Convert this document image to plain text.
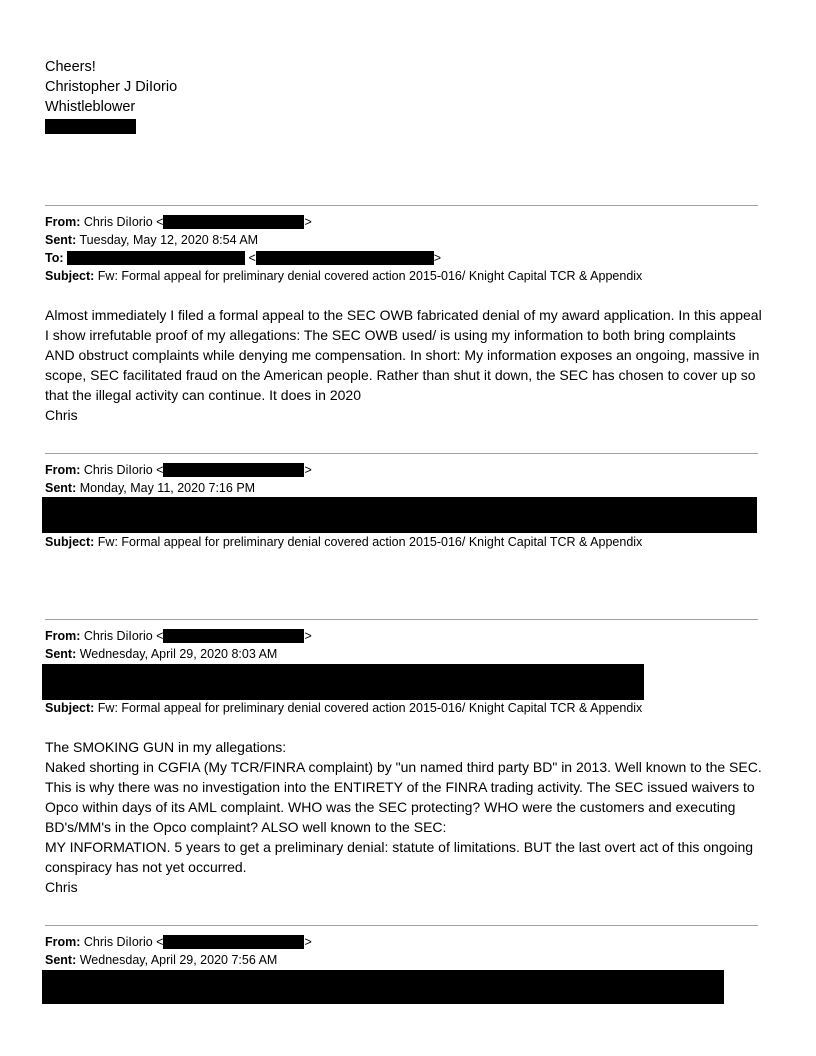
Cheers!
Christopher J DiIorio
Whistleblower
From: Chris DiIorio <	>
Sent: Tuesday, May 12, 2020 8:54 AM
To:	<	>
Subject: Fw: Formal appeal for preliminary denial covered action 2015-016/ Knight Capital TCR & Appendix

Almost immediately I filed a formal appeal to the SEC OWB fabricated denial of my award application. In this appeal I show irrefutable proof of my allegations: The SEC OWB used/ is using my information to both bring complaints AND obstruct complaints while denying me compensation. In short: My information exposes an ongoing, massive in scope, SEC facilitated fraud on the American people. Rather than shut it down, the SEC has chosen to cover up so that the illegal activity can continue. It does in 2020

Chris

From: Chris DiIorio <	>
Sent: Monday, May 11, 2020 7:16 PM
Subject: Fw: Formal appeal for preliminary denial covered action 2015-016/ Knight Capital TCR & Appendix
From: Chris DiIorio <	>
Sent: Wednesday, April 29, 2020 8:03 AM
Subject: Fw: Formal appeal for preliminary denial covered action 2015-016/ Knight Capital TCR & Appendix

The SMOKING GUN in my allegations:

Naked shorting in CGFIA (My TCR/FINRA complaint) by "un named third party BD" in 2013. Well known to the SEC. This is why there was no investigation into the ENTIRETY of the FINRA trading activity. The SEC issued waivers to Opco within days of its AML complaint. WHO was the SEC protecting? WHO were the customers and executing BD's/MM's in the Opco complaint? ALSO well known to the SEC:

MY INFORMATION. 5 years to get a preliminary denial: statute of limitations. BUT the last overt act of this ongoing conspiracy has not yet occurred.

Chris

From: Chris DiIorio <	>
Sent: Wednesday, April 29, 2020 7:56 AM
